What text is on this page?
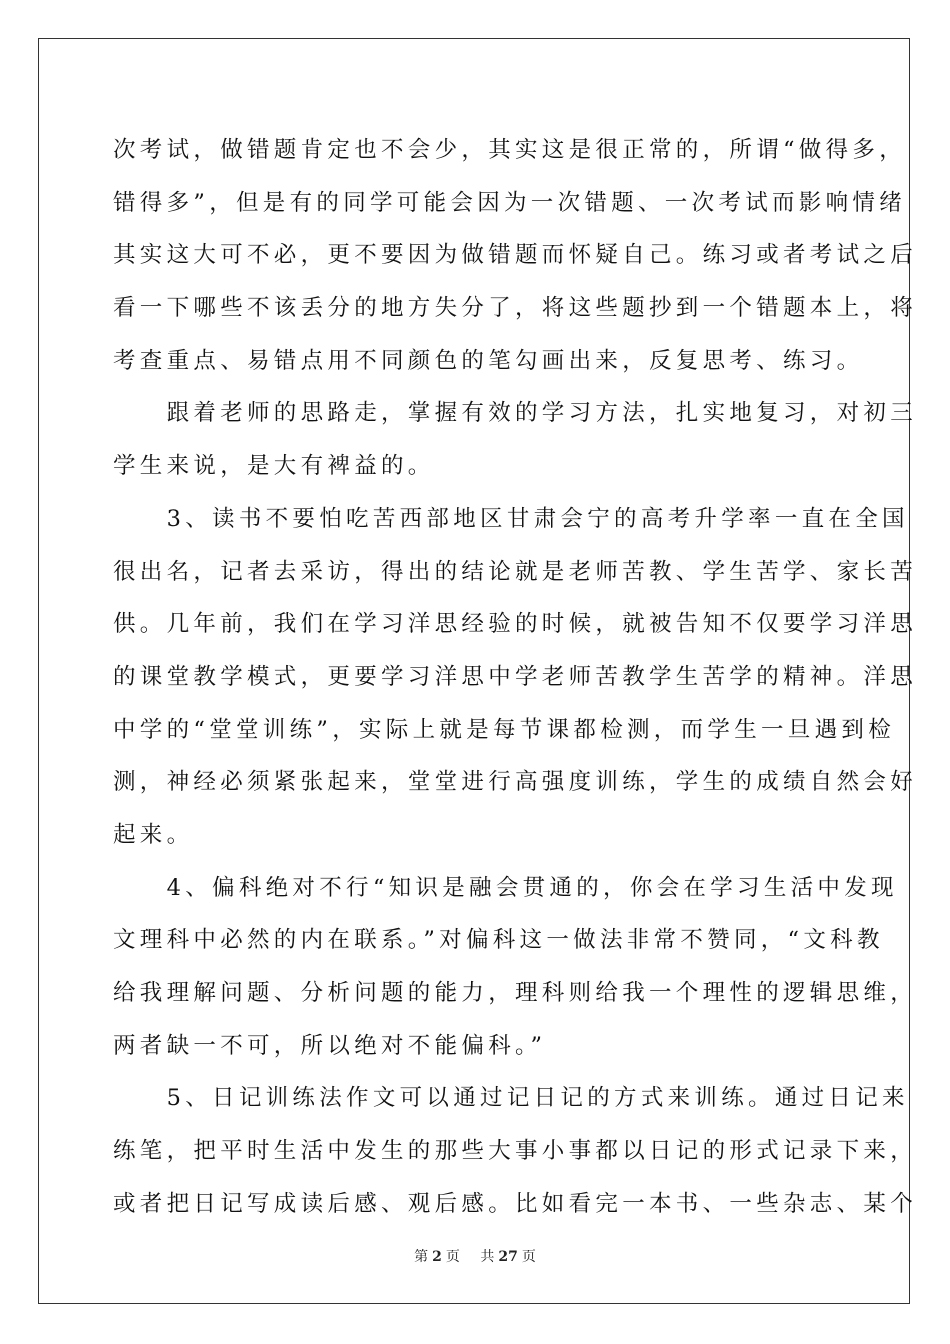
次考试，做错题肯定也不会少，其实这是很正常的，所谓“做得多，
错得多”，但是有的同学可能会因为一次错题、一次考试而影响情绪
其实这大可不必，更不要因为做错题而怀疑自己。练习或者考试之后
看一下哪些不该丢分的地方失分了，将这些题抄到一个错题本上，将
考查重点、易错点用不同颜色的笔勾画出来，反复思考、练习。
　　跟着老师的思路走，掌握有效的学习方法，扎实地复习，对初三
学生来说，是大有裨益的。
　　3、读书不要怕吃苦西部地区甘肃会宁的高考升学率一直在全国
很出名，记者去采访，得出的结论就是老师苦教、学生苦学、家长苦
供。几年前，我们在学习洋思经验的时候，就被告知不仅要学习洋思
的课堂教学模式，更要学习洋思中学老师苦教学生苦学的精神。洋思
中学的“堂堂训练”，实际上就是每节课都检测，而学生一旦遇到检
测，神经必须紧张起来，堂堂进行高强度训练，学生的成绩自然会好
起来。
　　4、偏科绝对不行“知识是融会贯通的，你会在学习生活中发现
文理科中必然的内在联系。”对偏科这一做法非常不赞同，“文科教
给我理解问题、分析问题的能力，理科则给我一个理性的逻辑思维，
两者缺一不可，所以绝对不能偏科。”
　　5、日记训练法作文可以通过记日记的方式来训练。通过日记来
练笔，把平时生活中发生的那些大事小事都以日记的形式记录下来，
或者把日记写成读后感、观后感。比如看完一本书、一些杂志、某个
第 2 页 共 27 页
